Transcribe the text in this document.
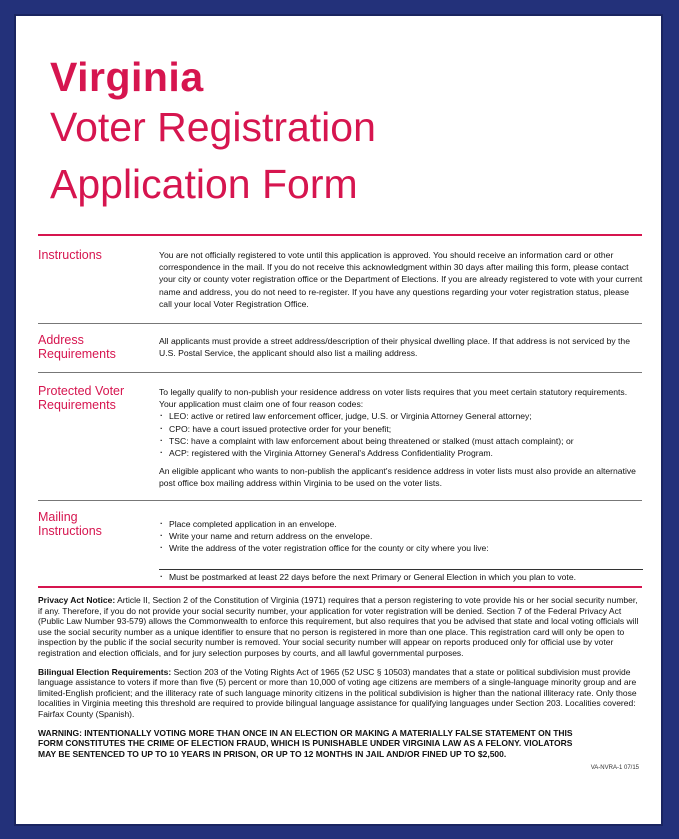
Virginia
Voter Registration
Application Form
Instructions	You are not officially registered to vote until this application is approved. You should receive an information card or other correspondence in the mail. If you do not receive this acknowledgment within 30 days after mailing this form, please contact your city or county voter registration office or the Department of Elections. If you are already registered to vote with your current name and address, you do not need to re-register. If you have any questions regarding your voter registration status, please call your local Voter Registration Office.

Address
Requirements

All applicants must provide a street address/description of their physical dwelling place. If that address is not serviced by the U.S. Postal Service, the applicant should also list a mailing address.

Protected Voter
Requirements

To legally qualify to non-publish your residence address on voter lists requires that you meet certain statutory requirements. Your application must claim one of four reason codes:

· LEO: active or retired law enforcement officer, judge, U.S. or Virginia Attorney General attorney;
· CPO: have a court issued protective order for your benefit;
· TSC: have a complaint with law enforcement about being threatened or stalked (must attach complaint); or
· ACP: registered with the Virginia Attorney General's Address Confidentiality Program.

An eligible applicant who wants to non-publish the applicant's residence address in voter lists must also provide an alternative post office box mailing address within Virginia to be used on the voter lists.

Mailing
Instructions
·	Place completed application in an envelope.
· Write your name and return address on the envelope.
· Write the address of the voter registration office for the county or city where you live:
· Must be postmarked at least 22 days before the next Primary or General Election in which you plan to vote.

Privacy Act Notice: Article II, Section 2 of the Constitution of Virginia (1971) requires that a person registering to vote provide his or her social security number, if any. Therefore, if you do not provide your social security number, your application for voter registration will be denied. Section 7 of the Federal Privacy Act (Public Law Number 93-579) allows the Commonwealth to enforce this requirement, but also requires that you be advised that state and local voting officials will use the social security number as a unique identifier to ensure that no person is registered in more than one place. This registration card will only be open to inspection by the public if the social security number is removed. Your social security number will appear on reports produced only for official use by voter registration and election officials, and for jury selection purposes by courts, and all lawful governmental purposes.

Bilingual Election Requirements: Section 203 of the Voting Rights Act of 1965 (52 USC § 10503) mandates that a state or political subdivision must provide language assistance to voters if more than five (5) percent or more than 10,000 of voting age citizens are members of a single-language minority group and are limited-English proficient; and the illiteracy rate of such language minority citizens in the political subdivision is higher than the national illiteracy rate. Only those localities in Virginia meeting this threshold are required to provide bilingual language assistance for qualifying languages under Section 203. Localities covered: Fairfax County (Spanish).

WARNING: INTENTIONALLY VOTING MORE THAN ONCE IN AN ELECTION OR MAKING A MATERIALLY FALSE STATEMENT ON THIS FORM CONSTITUTES THE CRIME OF ELECTION FRAUD, WHICH IS PUNISHABLE UNDER VIRGINIA LAW AS A FELONY. VIOLATORS MAY BE SENTENCED TO UP TO 10 YEARS IN PRISON, OR UP TO 12 MONTHS IN JAIL AND/OR FINED UP TO $2,500.

VA-NVRA-1 07/15
